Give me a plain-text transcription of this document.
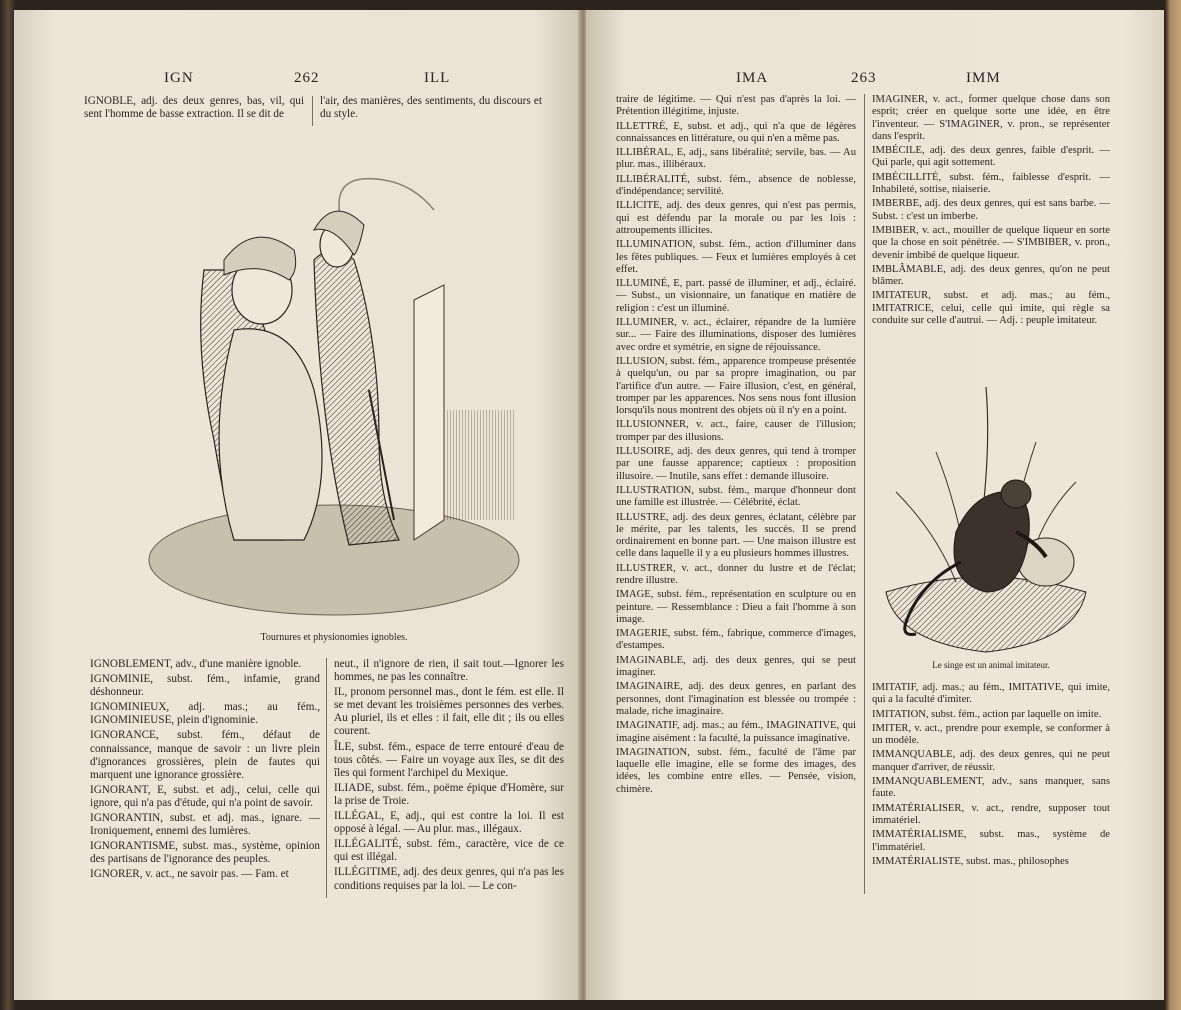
IGN	262	ILL
IGNOBLE, adj. des deux genres, bas, vil, qui sent l'homme de basse extraction. Il se dit de
l'air, des manières, des sentiments, du discours et du style.
Tournures et physionomies ignobles.

IGNOBLEMENT, adv., d'une manière ignoble.

IGNOMINIE, subst. fém., infamie, grand déshonneur.

IGNOMINIEUX, adj. mas.; au fém., IGNOMINIEUSE, plein d'ignominie.

IGNORANCE, subst. fém., défaut de connaissance, manque de savoir : un livre plein d'ignorances grossières, plein de fautes qui marquent une ignorance grossière.

IGNORANT, E, subst. et adj., celui, celle qui ignore, qui n'a pas d'étude, qui n'a point de savoir.

IGNORANTIN, subst. et adj. mas., ignare. — Ironiquement, ennemi des lumières.

IGNORANTISME, subst. mas., système, opinion des partisans de l'ignorance des peuples.

IGNORER, v. act., ne savoir pas. — Fam. et

neut., il n'ignore de rien, il sait tout.—Ignorer les hommes, ne pas les connaître.

IL, pronom personnel mas., dont le fém. est elle. Il se met devant les troisièmes personnes des verbes. Au pluriel, ils et elles : il fait, elle dit ; ils ou elles courent.

ÎLE, subst. fém., espace de terre entouré d'eau de tous côtés. — Faire un voyage aux îles, se dit des îles qui forment l'archipel du Mexique.

ILIADE, subst. fém., poëme épique d'Homère, sur la prise de Troie.

ILLÉGAL, E, adj., qui est contre la loi. Il est opposé à légal. — Au plur. mas., illégaux.

ILLÉGALITÉ, subst. fém., caractère, vice de ce qui est illégal.

ILLÉGITIME, adj. des deux genres, qui n'a pas les conditions requises par la loi. — Le con-

IMA	263	IMM

traire de légitime. — Qui n'est pas d'après la loi. —Prétention illégitime, injuste.

ILLETTRÉ, E, subst. et adj., qui n'a que de légères connaissances en littérature, ou qui n'en a même pas.

ILLIBÉRAL, E, adj., sans libéralité; servile, bas. — Au plur. mas., illibéraux.

ILLIBÉRALITÉ, subst. fém., absence de noblesse, d'indépendance; servilité.

ILLICITE, adj. des deux genres, qui n'est pas permis, qui est défendu par la morale ou par les lois : attroupements illicites.

ILLUMINATION, subst. fém., action d'illuminer dans les fêtes publiques. — Feux et lumières employés à cet effet.

ILLUMINÉ, E, part. passé de illuminer, et adj., éclairé. — Subst., un visionnaire, un fanatique en matière de religion : c'est un illuminé.

ILLUMINER, v. act., éclairer, répandre de la lumière sur... — Faire des illuminations, disposer des lumières avec ordre et symétrie, en signe de réjouissance.

ILLUSION, subst. fém., apparence trompeuse présentée à quelqu'un, ou par sa propre imagination, ou par l'artifice d'un autre. — Faire illusion, c'est, en général, tromper par les apparences. Nos sens nous font illusion lorsqu'ils nous montrent des objets où il n'y en a point.

ILLUSIONNER, v. act., faire, causer de l'illusion; tromper par des illusions.

ILLUSOIRE, adj. des deux genres, qui tend à tromper par une fausse apparence; captieux : proposition illusoire. — Inutile, sans effet : demande illusoire.

ILLUSTRATION, subst. fém., marque d'honneur dont une famille est illustrée. — Célébrité, éclat.

ILLUSTRE, adj. des deux genres, éclatant, célèbre par le mérite, par les talents, les succès. Il se prend ordinairement en bonne part. — Une maison illustre est celle dans laquelle il y a eu plusieurs hommes illustres.

ILLUSTRER, v. act., donner du lustre et de l'éclat; rendre illustre.

IMAGE, subst. fém., représentation en sculpture ou en peinture. — Ressemblance : Dieu a fait l'homme à son image.

IMAGERIE, subst. fém., fabrique, commerce d'images, d'estampes.

IMAGINABLE, adj. des deux genres, qui se peut imaginer.

IMAGINAIRE, adj. des deux genres, en parlant des personnes, dont l'imagination est blessée ou trompée : malade, riche imaginaire.

IMAGINATIF, adj. mas.; au fém., IMAGINATIVE, qui imagine aisément : la faculté, la puissance imaginative.

IMAGINATION, subst. fém., faculté de l'âme par laquelle elle imagine, elle se forme des images, des idées, les combine entre elles. — Pensée, vision, chimère.

IMAGINER, v. act., former quelque chose dans son esprit; créer en quelque sorte une idée, en être l'inventeur. — S'IMAGINER, v. pron., se représenter dans l'esprit.

IMBÉCILE, adj. des deux genres, faible d'esprit. — Qui parle, qui agit sottement.

IMBÉCILLITÉ, subst. fém., faiblesse d'esprit. — Inhabileté, sottise, niaiserie.

IMBERBE, adj. des deux genres, qui est sans barbe. — Subst. : c'est un imberbe.

IMBIBER, v. act., mouiller de quelque liqueur en sorte que la chose en soit pénétrée. — S'IMBIBER, v. pron., devenir imbibé de quelque liqueur.

IMBLÂMABLE, adj. des deux genres, qu'on ne peut blâmer.

IMITATEUR, subst. et adj. mas.; au fém., IMITATRICE, celui, celle qui imite, qui règle sa conduite sur celle d'autrui. — Adj. : peuple imitateur.

Le singe est un animal imitateur.

IMITATIF, adj. mas.; au fém., IMITATIVE, qui imite, qui a la faculté d'imiter.

IMITATION, subst. fém., action par laquelle on imite.

IMITER, v. act., prendre pour exemple, se conformer à un modèle.

IMMANQUABLE, adj. des deux genres, qui ne peut manquer d'arriver, de réussir.

IMMANQUABLEMENT, adv., sans manquer, sans faute.

IMMATÉRIALISER, v. act., rendre, supposer tout immatériel.

IMMATÉRIALISME, subst. mas., système de l'immatériel.

IMMATÉRIALISTE, subst. mas., philosophes
